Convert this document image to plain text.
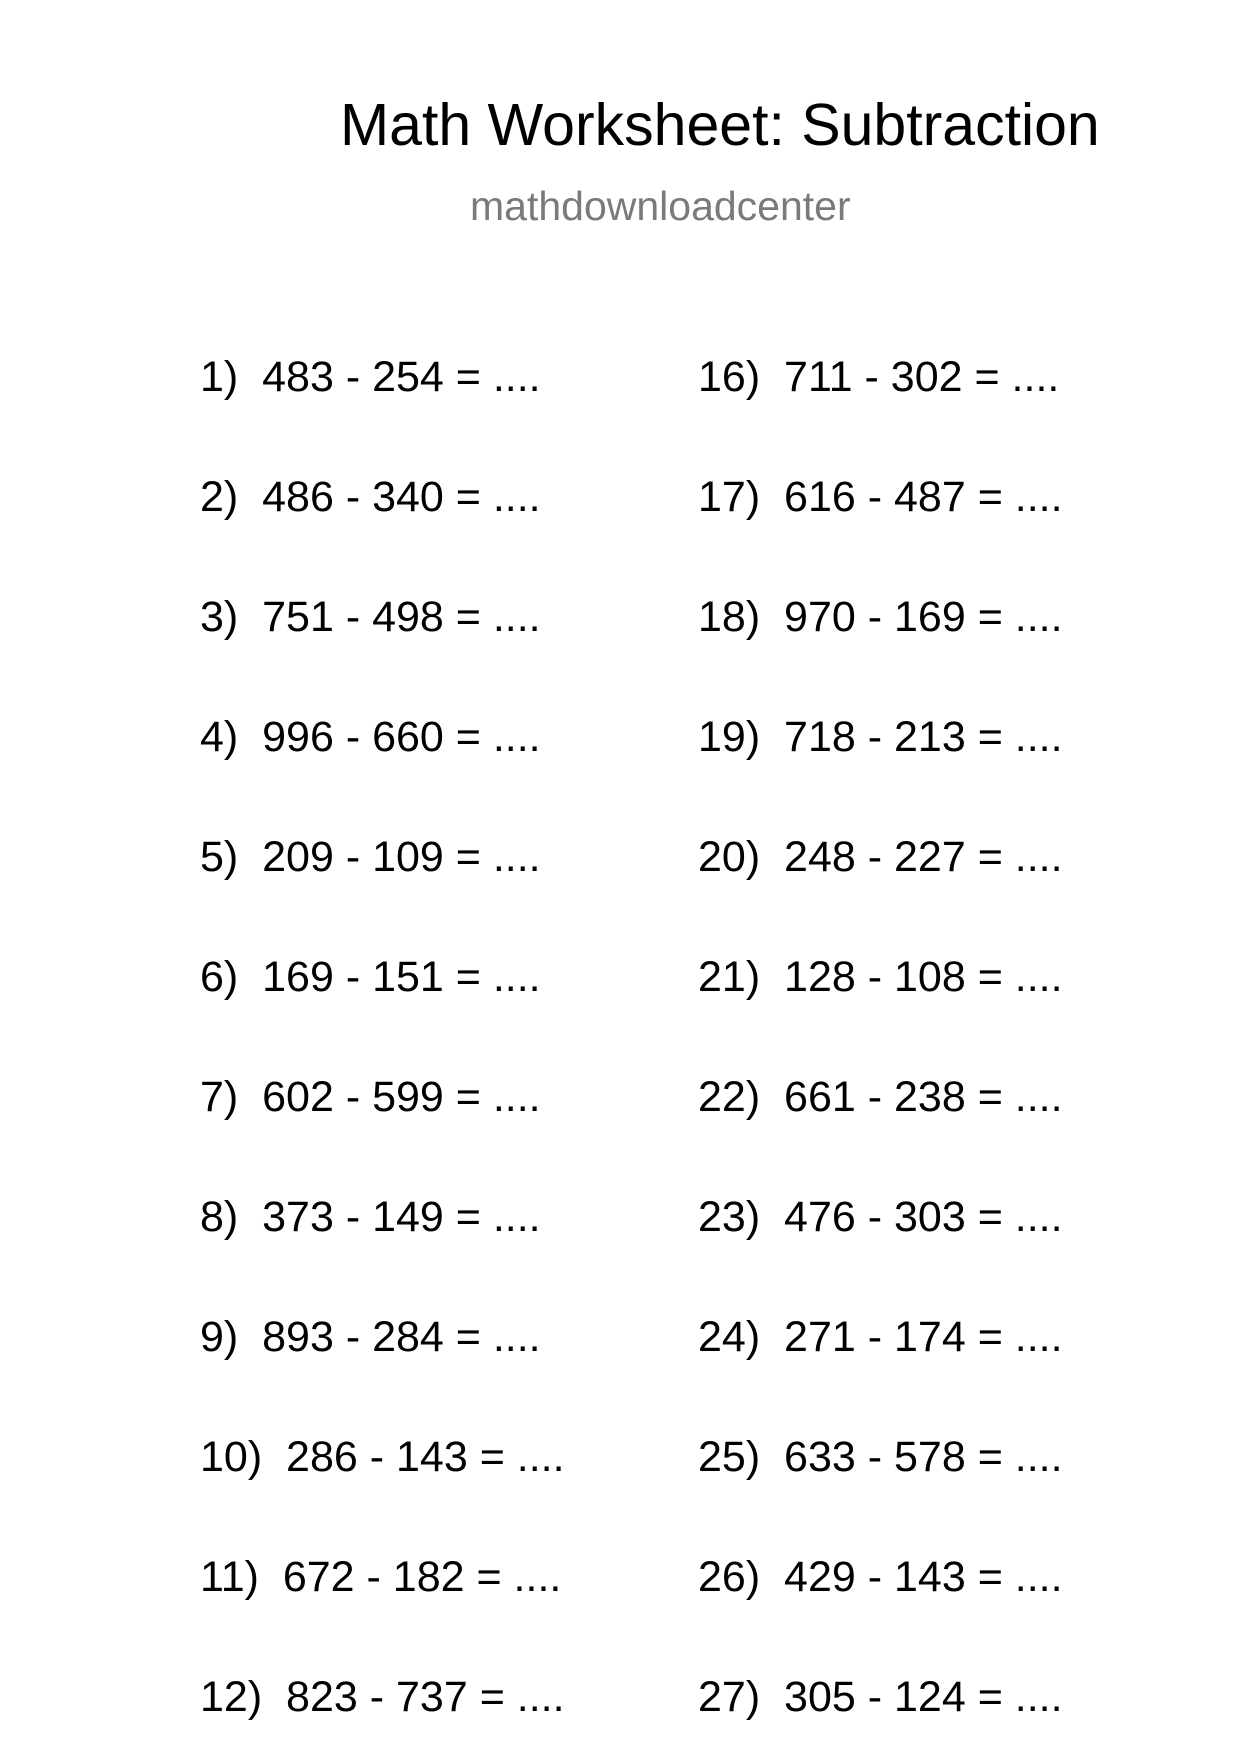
Math Worksheet: Subtraction
mathdownloadcenter
1)  483 - 254 = ....
2)  486 - 340 = ....
3)  751 - 498 = ....
4)  996 - 660 = ....
5)  209 - 109 = ....
6)  169 - 151 = ....
7)  602 - 599 = ....
8)  373 - 149 = ....
9)  893 - 284 = ....
10)  286 - 143 = ....
11)  672 - 182 = ....
12)  823 - 737 = ....
16)  711 - 302 = ....
17)  616 - 487 = ....
18)  970 - 169 = ....
19)  718 - 213 = ....
20)  248 - 227 = ....
21)  128 - 108 = ....
22)  661 - 238 = ....
23)  476 - 303 = ....
24)  271 - 174 = ....
25)  633 - 578 = ....
26)  429 - 143 = ....
27)  305 - 124 = ....
